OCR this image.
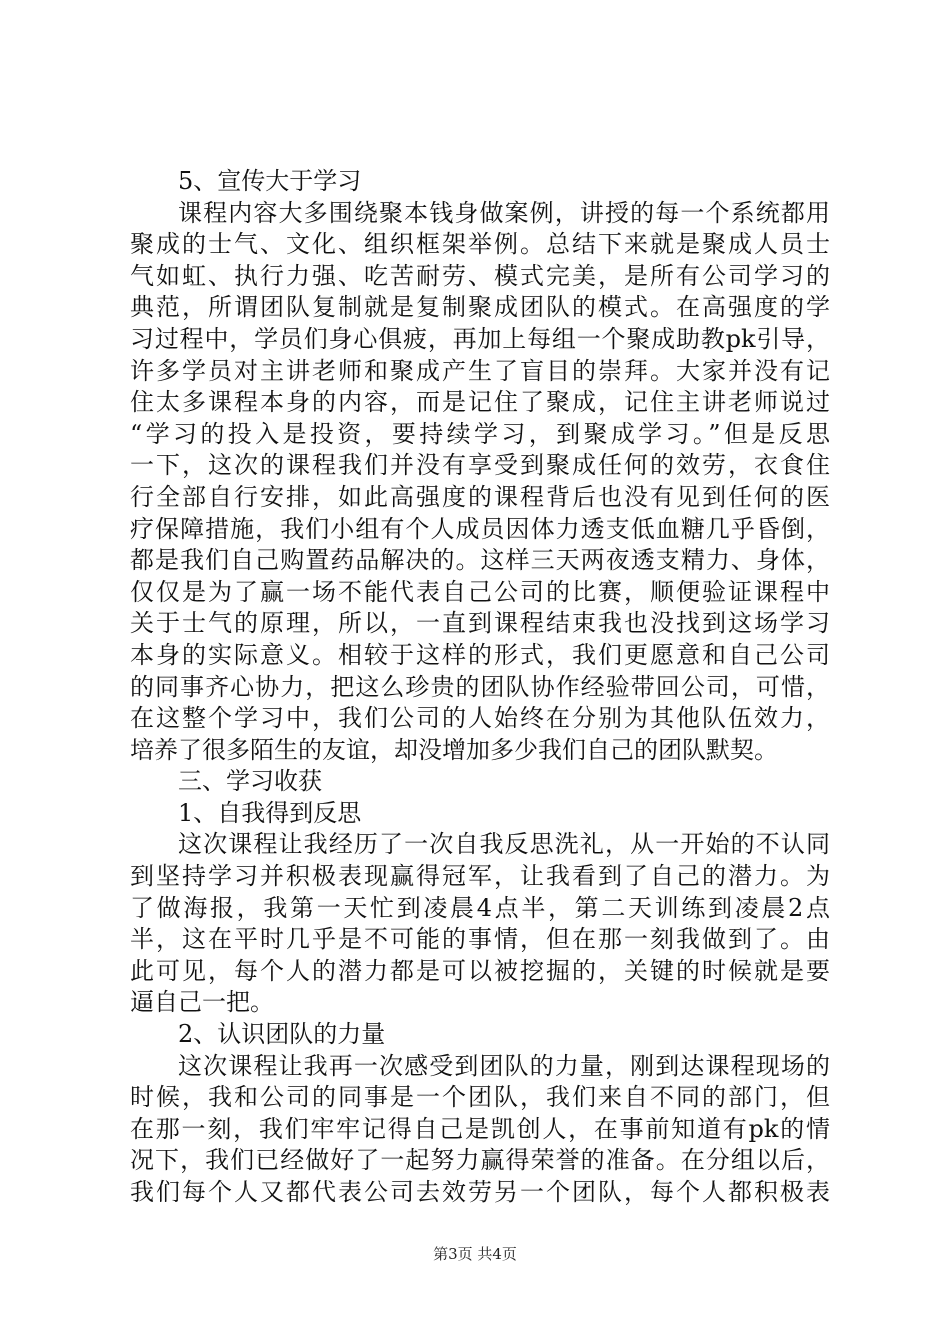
5、宣传大于学习
课程内容大多围绕聚本钱身做案例，讲授的每一个系统都用
聚成的士气、文化、组织框架举例。总结下来就是聚成人员士
气如虹、执行力强、吃苦耐劳、模式完美，是所有公司学习的
典范，所谓团队复制就是复制聚成团队的模式。在高强度的学
习过程中，学员们身心俱疲，再加上每组一个聚成助教pk引导，
许多学员对主讲老师和聚成产生了盲目的崇拜。大家并没有记
住太多课程本身的内容，而是记住了聚成，记住主讲老师说过
“学习的投入是投资，要持续学习，到聚成学习。”但是反思
一下，这次的课程我们并没有享受到聚成任何的效劳，衣食住
行全部自行安排，如此高强度的课程背后也没有见到任何的医
疗保障措施，我们小组有个人成员因体力透支低血糖几乎昏倒，
都是我们自己购置药品解决的。这样三天两夜透支精力、身体，
仅仅是为了赢一场不能代表自己公司的比赛，顺便验证课程中
关于士气的原理，所以，一直到课程结束我也没找到这场学习
本身的实际意义。相较于这样的形式，我们更愿意和自己公司
的同事齐心协力，把这么珍贵的团队协作经验带回公司，可惜，
在这整个学习中，我们公司的人始终在分别为其他队伍效力，
培养了很多陌生的友谊，却没增加多少我们自己的团队默契。
三、学习收获
1、自我得到反思
这次课程让我经历了一次自我反思洗礼，从一开始的不认同
到坚持学习并积极表现赢得冠军，让我看到了自己的潜力。为
了做海报，我第一天忙到凌晨4点半，第二天训练到凌晨2点
半，这在平时几乎是不可能的事情，但在那一刻我做到了。由
此可见，每个人的潜力都是可以被挖掘的，关键的时候就是要
逼自己一把。
2、认识团队的力量
这次课程让我再一次感受到团队的力量，刚到达课程现场的
时候，我和公司的同事是一个团队，我们来自不同的部门，但
在那一刻，我们牢牢记得自己是凯创人，在事前知道有pk的情
况下，我们已经做好了一起努力赢得荣誉的准备。在分组以后，
我们每个人又都代表公司去效劳另一个团队，每个人都积极表
第3页 共4页
